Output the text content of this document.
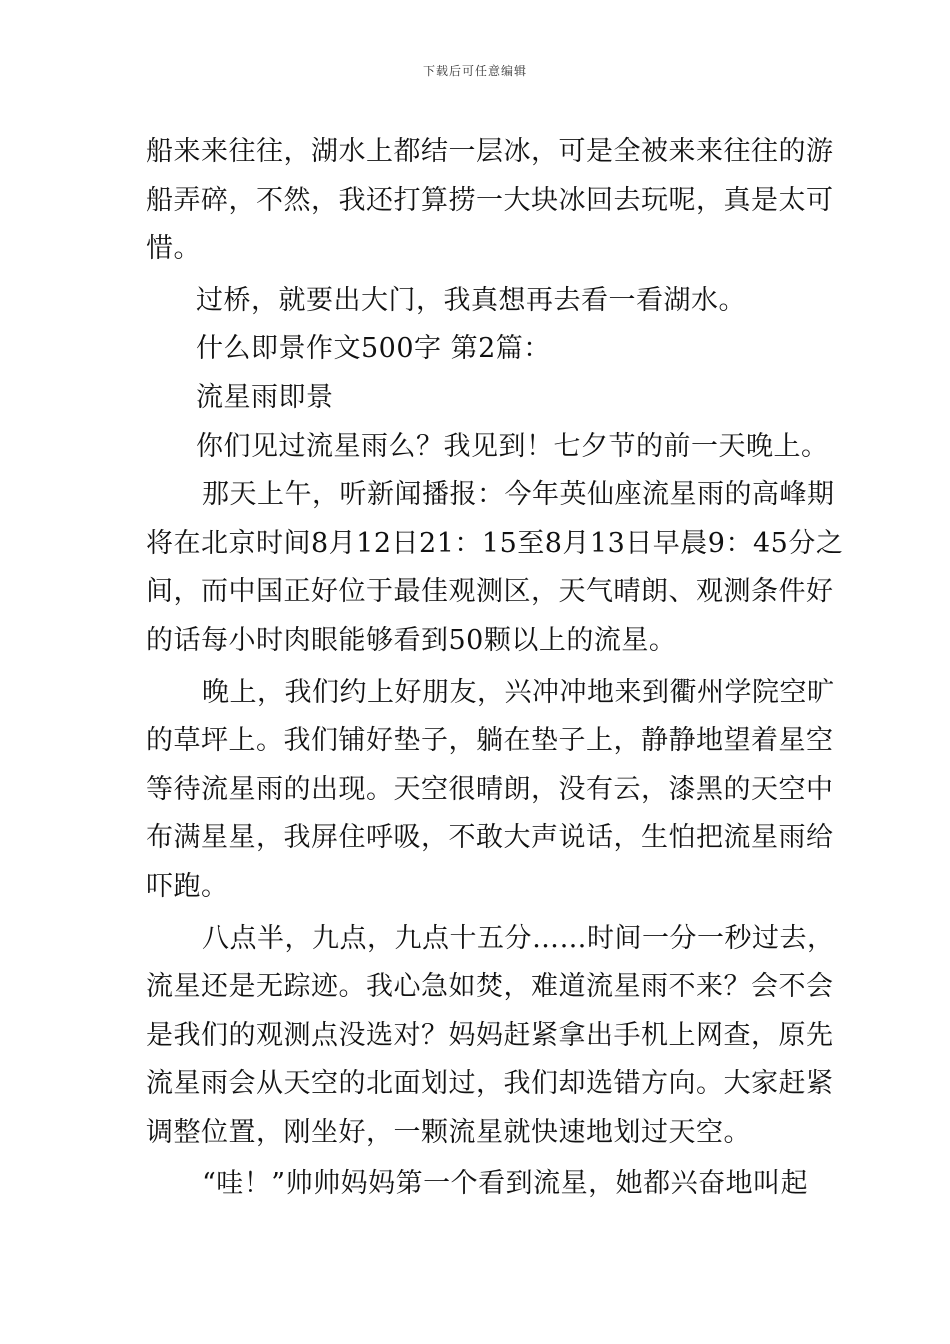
下载后可任意编辑
船来来往往，湖水上都结一层冰，可是全被来来往往的游
船弄碎，不然，我还打算捞一大块冰回去玩呢，真是太可
惜。
过桥，就要出大门，我真想再去看一看湖水。
什么即景作文500字 第2篇：
流星雨即景
你们见过流星雨么？我见到！七夕节的前一天晚上。
那天上午，听新闻播报：今年英仙座流星雨的高峰期
将在北京时间8月12日21：15至8月13日早晨9：45分之
间，而中国正好位于最佳观测区，天气晴朗、观测条件好
的话每小时肉眼能够看到50颗以上的流星。
晚上，我们约上好朋友，兴冲冲地来到衢州学院空旷
的草坪上。我们铺好垫子，躺在垫子上，静静地望着星空
等待流星雨的出现。天空很晴朗，没有云，漆黑的天空中
布满星星，我屏住呼吸，不敢大声说话，生怕把流星雨给
吓跑。
八点半，九点，九点十五分……时间一分一秒过去，
流星还是无踪迹。我心急如焚，难道流星雨不来？会不会
是我们的观测点没选对？妈妈赶紧拿出手机上网查，原先
流星雨会从天空的北面划过，我们却选错方向。大家赶紧
调整位置，刚坐好，一颗流星就快速地划过天空。
“哇！”帅帅妈妈第一个看到流星，她都兴奋地叫起
